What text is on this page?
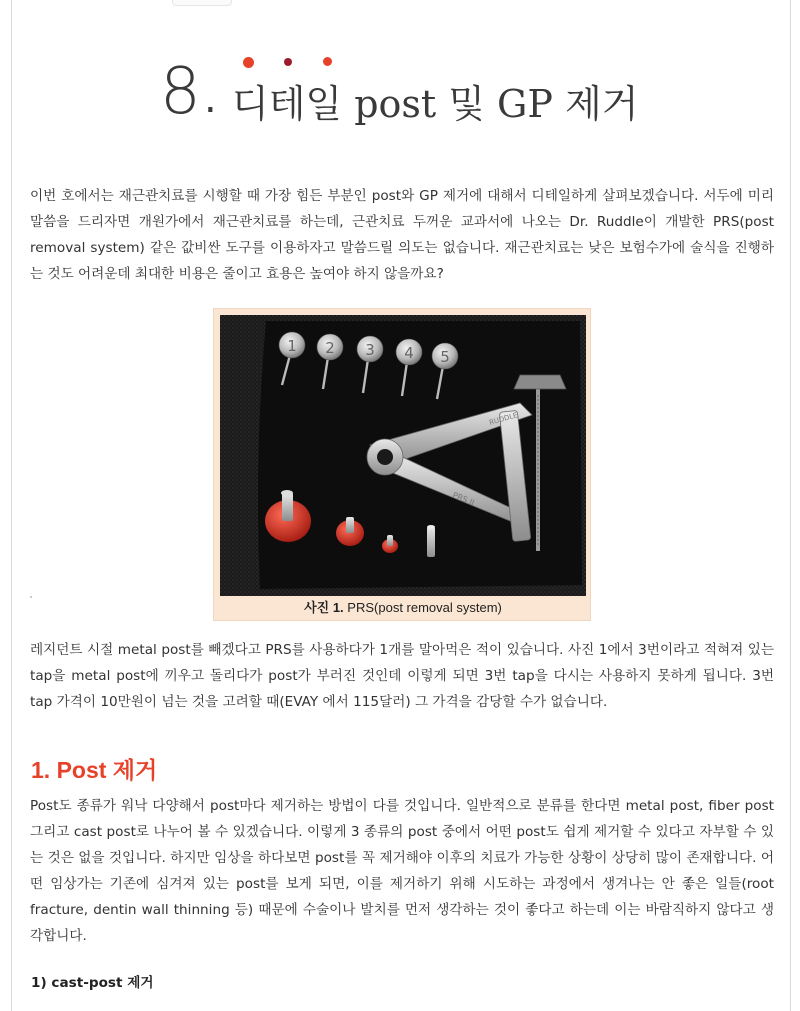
8 . 디테일 post 및 GP 제거

이번 호에서는 재근관치료를 시행할 때 가장 힘든 부분인 post와 GP 제거에 대해서 디테일하게 살펴보겠습니다. 서두에 미리 말씀을 드리자면 개원가에서 재근관치료를 하는데, 근관치료 두꺼운 교과서에 나오는 Dr. Ruddle이 개발한 PRS(post removal system) 같은 값비싼 도구를 이용하자고 말씀드릴 의도는 없습니다. 재근관치료는 낮은 보험수가에 술식을 진행하는 것도 어려운데 최대한 비용은 줄이고 효용은 높여야 하지 않을까요?

1 2 3 4 5
RUDDLE
PRS II
사진 1. PRS(post removal system)

레지던트 시절 metal post를 빼겠다고 PRS를 사용하다가 1개를 말아먹은 적이 있습니다. 사진 1에서 3번이라고 적혀져 있는 tap을 metal post에 끼우고 돌리다가 post가 부러진 것인데 이렇게 되면 3번 tap을 다시는 사용하지 못하게 됩니다. 3번 tap 가격이 10만원이 넘는 것을 고려할 때(EVAY 에서 115달러) 그 가격을 감당할 수가 없습니다.

1. Post 제거

Post도 종류가 워낙 다양해서 post마다 제거하는 방법이 다를 것입니다. 일반적으로 분류를 한다면 metal post, fiber post 그리고 cast post로 나누어 볼 수 있겠습니다. 이렇게 3 종류의 post 중에서 어떤 post도 쉽게 제거할 수 있다고 자부할 수 있는 것은 없을 것입니다. 하지만 임상을 하다보면 post를 꼭 제거해야 이후의 치료가 가능한 상황이 상당히 많이 존재합니다. 어떤 임상가는 기존에 심겨져 있는 post를 보게 되면, 이를 제거하기 위해 시도하는 과정에서 생겨나는 안 좋은 일들(root fracture, dentin wall thinning 등) 때문에 수술이나 발치를 먼저 생각하는 것이 좋다고 하는데 이는 바람직하지 않다고 생각합니다.

1) cast-post 제거
